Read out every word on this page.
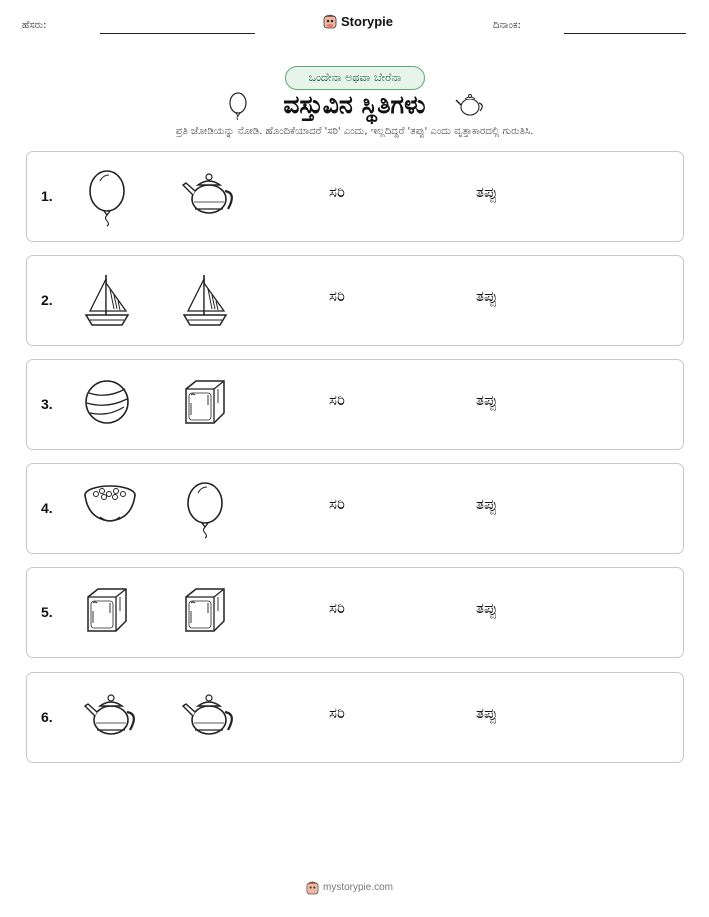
ಹೆಸರು:	Storypie	ದಿನಾಂಕ:
ಒಂದೇನಾ ಅಥವಾ ಬೇರೆನಾ
ವಸ್ತುವಿನ ಸ್ಥಿತಿಗಳು
ಪ್ರತಿ ಜೋಡಿಯನ್ನು ನೋಡಿ. ಹೊಂದಿಕೆಯಾದರೆ 'ಸರಿ' ಎಂದು, ಇಲ್ಲದಿದ್ದರೆ 'ತಪ್ಪು' ಎಂದು ವೃತ್ತಾಕಾರದಲ್ಲಿ ಗುರುತಿಸಿ.
1.	ಸರಿ	ತಪ್ಪು
2.	ಸರಿ	ತಪ್ಪು
3.	ಸರಿ	ತಪ್ಪು
4.	ಸರಿ	ತಪ್ಪು
5.	ಸರಿ	ತಪ್ಪು
6.	ಸರಿ	ತಪ್ಪು
mystorypie.com
